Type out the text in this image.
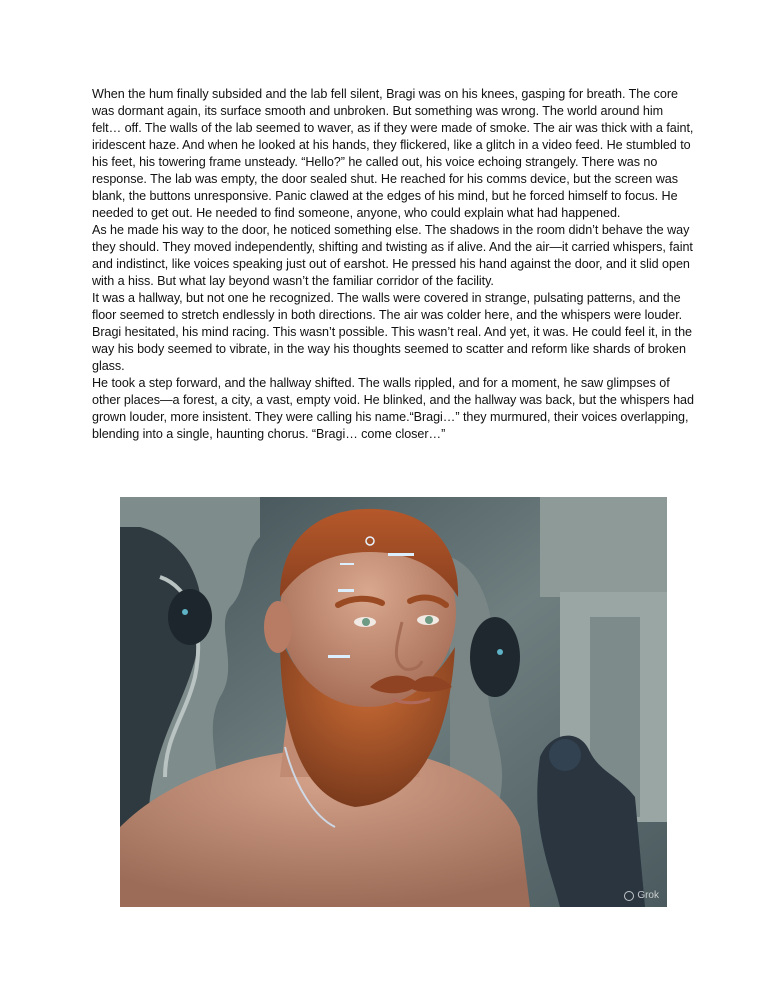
When the hum finally subsided and the lab fell silent, Bragi was on his knees, gasping for breath. The core was dormant again, its surface smooth and unbroken. But something was wrong. The world around him felt… off. The walls of the lab seemed to waver, as if they were made of smoke. The air was thick with a faint, iridescent haze. And when he looked at his hands, they flickered, like a glitch in a video feed. He stumbled to his feet, his towering frame unsteady. “Hello?” he called out, his voice echoing strangely. There was no response. The lab was empty, the door sealed shut. He reached for his comms device, but the screen was blank, the buttons unresponsive. Panic clawed at the edges of his mind, but he forced himself to focus. He needed to get out. He needed to find someone, anyone, who could explain what had happened.

As he made his way to the door, he noticed something else. The shadows in the room didn’t behave the way they should. They moved independently, shifting and twisting as if alive. And the air—it carried whispers, faint and indistinct, like voices speaking just out of earshot. He pressed his hand against the door, and it slid open with a hiss. But what lay beyond wasn’t the familiar corridor of the facility.

It was a hallway, but not one he recognized. The walls were covered in strange, pulsating patterns, and the floor seemed to stretch endlessly in both directions. The air was colder here, and the whispers were louder. Bragi hesitated, his mind racing. This wasn’t possible. This wasn’t real. And yet, it was. He could feel it, in the way his body seemed to vibrate, in the way his thoughts seemed to scatter and reform like shards of broken glass.

He took a step forward, and the hallway shifted. The walls rippled, and for a moment, he saw glimpses of other places—a forest, a city, a vast, empty void. He blinked, and the hallway was back, but the whispers had grown louder, more insistent. They were calling his name.“Bragi…” they murmured, their voices overlapping, blending into a single, haunting chorus. “Bragi… come closer…”

Grok
